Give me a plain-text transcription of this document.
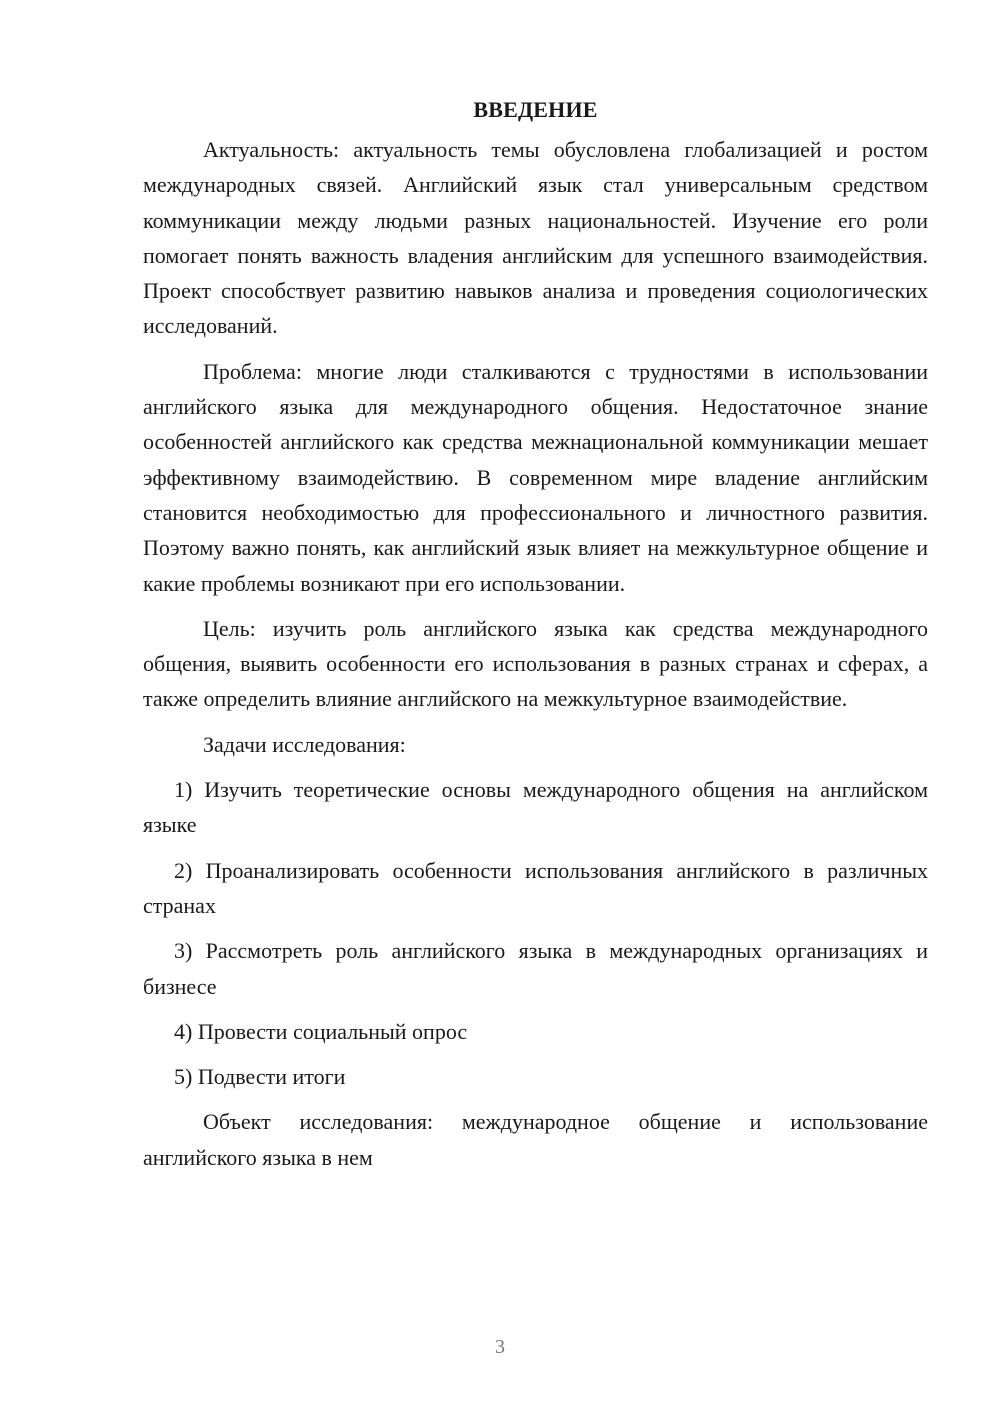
ВВЕДЕНИЕ

Актуальность: актуальность темы обусловлена глобализацией и ростом международных связей. Английский язык стал универсальным средством коммуникации между людьми разных национальностей. Изучение его роли помогает понять важность владения английским для успешного взаимодействия. Проект способствует развитию навыков анализа и проведения социологических исследований.

Проблема: многие люди сталкиваются с трудностями в использовании английского языка для международного общения. Недостаточное знание особенностей английского как средства межнациональной коммуникации мешает эффективному взаимодействию. В современном мире владение английским становится необходимостью для профессионального и личностного развития. Поэтому важно понять, как английский язык влияет на межкультурное общение и какие проблемы возникают при его использовании.

Цель: изучить роль английского языка как средства международного общения, выявить особенности его использования в разных странах и сферах, а также определить влияние английского на межкультурное взаимодействие.

Задачи исследования:

1) Изучить теоретические основы международного общения на английском языке

2) Проанализировать особенности использования английского в различных странах

3) Рассмотреть роль английского языка в международных организациях и бизнесе

4) Провести социальный опрос

5) Подвести итоги

Объект исследования: международное общение и использование английского языка в нем

3
